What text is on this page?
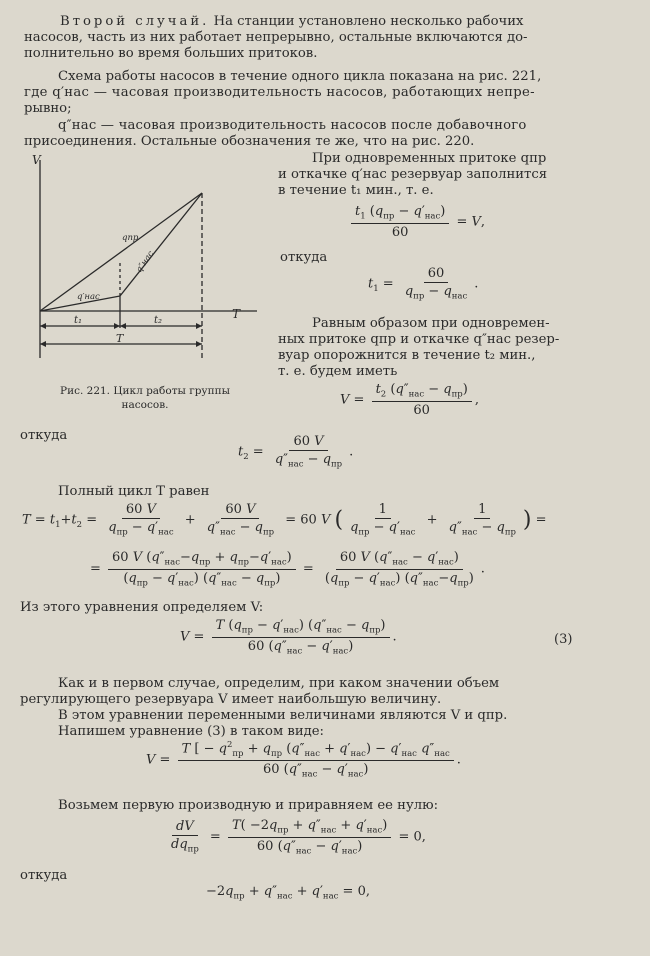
Второй случай. На станции установлено несколько рабочих

насосов, часть из них работает непрерывно, остальные включаются до-

полнительно во время больших притоков.

Схема работы насосов в течение одного цикла показана на рис. 221,

где q′нас — часовая производительность насосов, работающих непре-

рывно;

q″нас — часовая производительность насосов после добавочного

присоединения. Остальные обозначения те же, что на рис. 220.

V
T
t₁	t₂
T
qпр
q′нас
q″нас
Рис. 221. Цикл работы группы
насосов.

При одновременных притоке qпр

и откачке q′нас резервуар заполнится

в течение t₁ мин., т. е.

$\frac{t_1 (q_{пр} - q'_{нас})}{60} = V$,

откуда

$t_1 = \frac{60}{q_{пр} - q_{нас}}$ .

Равным образом при одновремен-

ных притоке qпр и откачке q″нас резер-

вуар опорожнится в течение t₂ мин.,

т. е. будем иметь

$V = \frac{t_2 (q''_{нас} - q_{пр})}{60}$ ,

откуда

$t_2 = \frac{60 V}{q''_{нас} - q_{пр}}$ .

Полный цикл T равен

$T = t_1+t_2 = \frac{60 V}{q_{пр} - q'_{нас}} + \frac{60 V}{q''_{нас} - q_{пр}} = 60$ V ( $\frac{1}{q_{пр} - q'_{нас}} + \frac{1}{q''_{нас} - q_{пр}}$ ) =
= $\frac{60 V (q''_{нас}-q_{пр} + q_{пр}-q'_{нас})}{(q_{пр} - q'_{нас}) (q''_{нас} - q_{пр})} = \frac{60 V (q''_{нас} - q'_{нас})}{(q_{пр} - q'_{нас}) (q''_{нас}-q_{пр})}$ .

Из этого уравнения определяем V:

$V = \frac{T (q_{пр} - q'_{нас}) (q''_{нас} - q_{пр})}{60 (q''_{нас} - q'_{нас})}$ .	(3)

Как и в первом случае, определим, при каком значении объем

регулирующего резервуара V имеет наибольшую величину.

В этом уравнении переменными величинами являются V и qпр.

Напишем уравнение (3) в таком виде:

$V = \frac{T [ - q^2_{пр} + q_{пр} (q''_{нас} + q'_{нас}) - q'_{нас} q''_{нас}}{60 (q''_{нас} - q'_{нас})}$ .

Возьмем первую производную и приравняем ее нулю:

$\frac{dV}{dq_{пр}} = \frac{T( -2q_{пр} + q''_{нас} + q'_{нас})}{60 (q''_{нас} - q'_{нас})} = 0$,

откуда

$-2q_{пр} + q''_{нас} + q'_{нас} = 0$,
